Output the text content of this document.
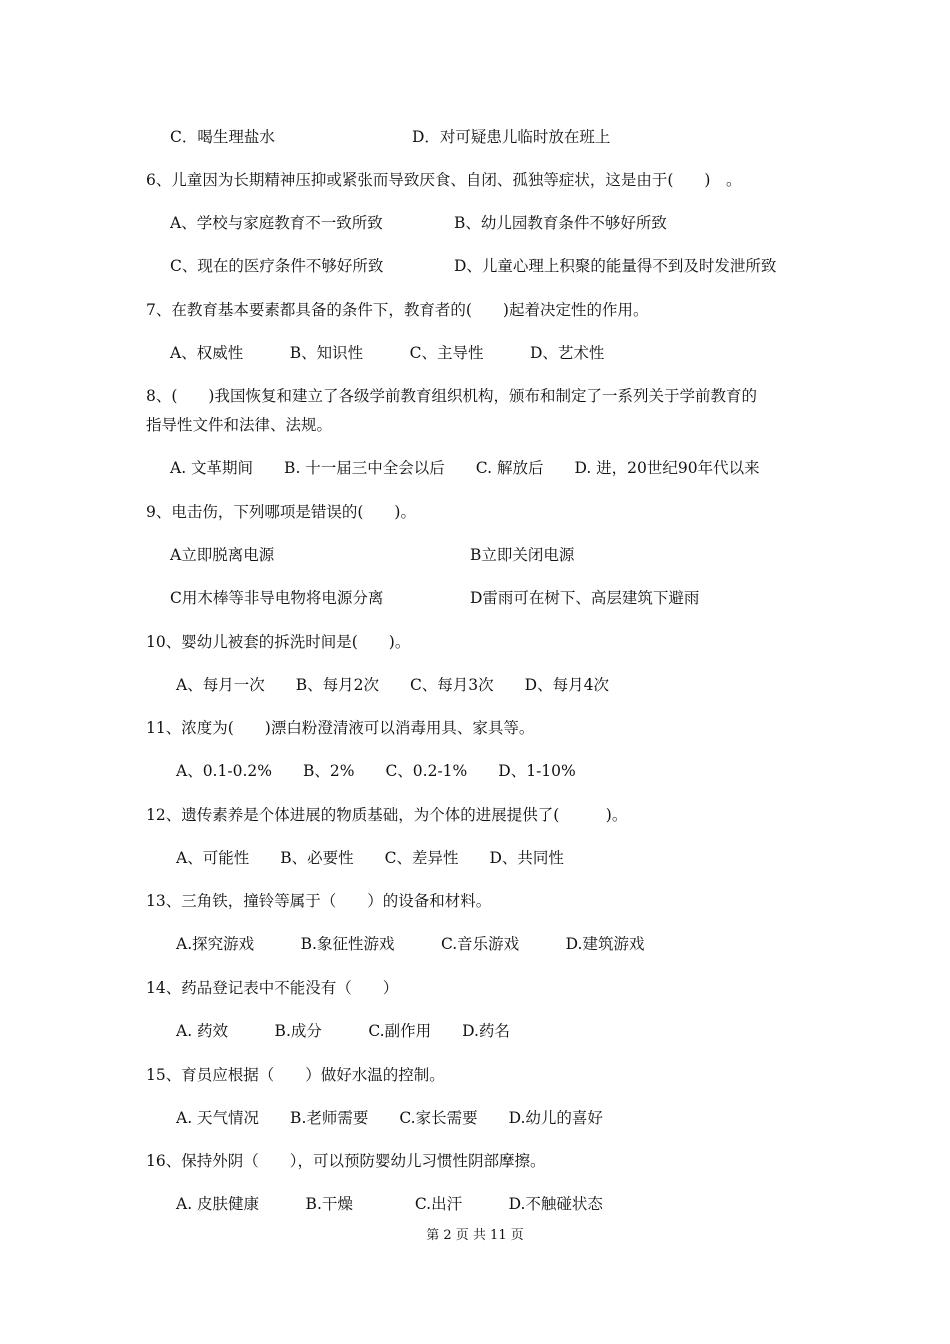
C．喝生理盐水	D．对可疑患儿临时放在班上
6、儿童因为长期精神压抑或紧张而导致厌食、自闭、孤独等症状，这是由于(　　)　。
A、学校与家庭教育不一致所致	B、幼儿园教育条件不够好所致
C、现在的医疗条件不够好所致	D、儿童心理上积聚的能量得不到及时发泄所致
7、在教育基本要素都具备的条件下，教育者的(　　)起着决定性的作用。
A、权威性　　　B、知识性　　　C、主导性　　　D、艺术性
8、(　　)我国恢复和建立了各级学前教育组织机构，颁布和制定了一系列关于学前教育的
指导性文件和法律、法规。
A. 文革期间　　B. 十一届三中全会以后　　C. 解放后　　D. 进，20世纪90年代以来
9、电击伤，下列哪项是错误的(　　)。
A立即脱离电源	B立即关闭电源
C用木棒等非导电物将电源分离	D雷雨可在树下、高层建筑下避雨
10、婴幼儿被套的拆洗时间是(　　)。
A、每月一次　　B、每月2次　　C、每月3次　　D、每月4次
11、浓度为(　　)漂白粉澄清液可以消毒用具、家具等。
A、0.1-0.2%　　B、2%　　C、0.2-1%　　D、1-10%
12、遗传素养是个体进展的物质基础，为个体的进展提供了(　　　)。
A、可能性　　B、必要性　　C、差异性　　D、共同性
13、三角铁，撞铃等属于（　　）的设备和材料。
A.探究游戏　　　B.象征性游戏　　　C.音乐游戏　　　D.建筑游戏
14、药品登记表中不能没有（　　）
A. 药效　　　B.成分　　　C.副作用　　D.药名
15、育员应根据（　　）做好水温的控制。
A. 天气情况　　B.老师需要　　C.家长需要　　D.幼儿的喜好
16、保持外阴（　　），可以预防婴幼儿习惯性阴部摩擦。
A. 皮肤健康　　　B.干燥　　　　C.出汗　　　D.不触碰状态
第 2 页 共 11 页
